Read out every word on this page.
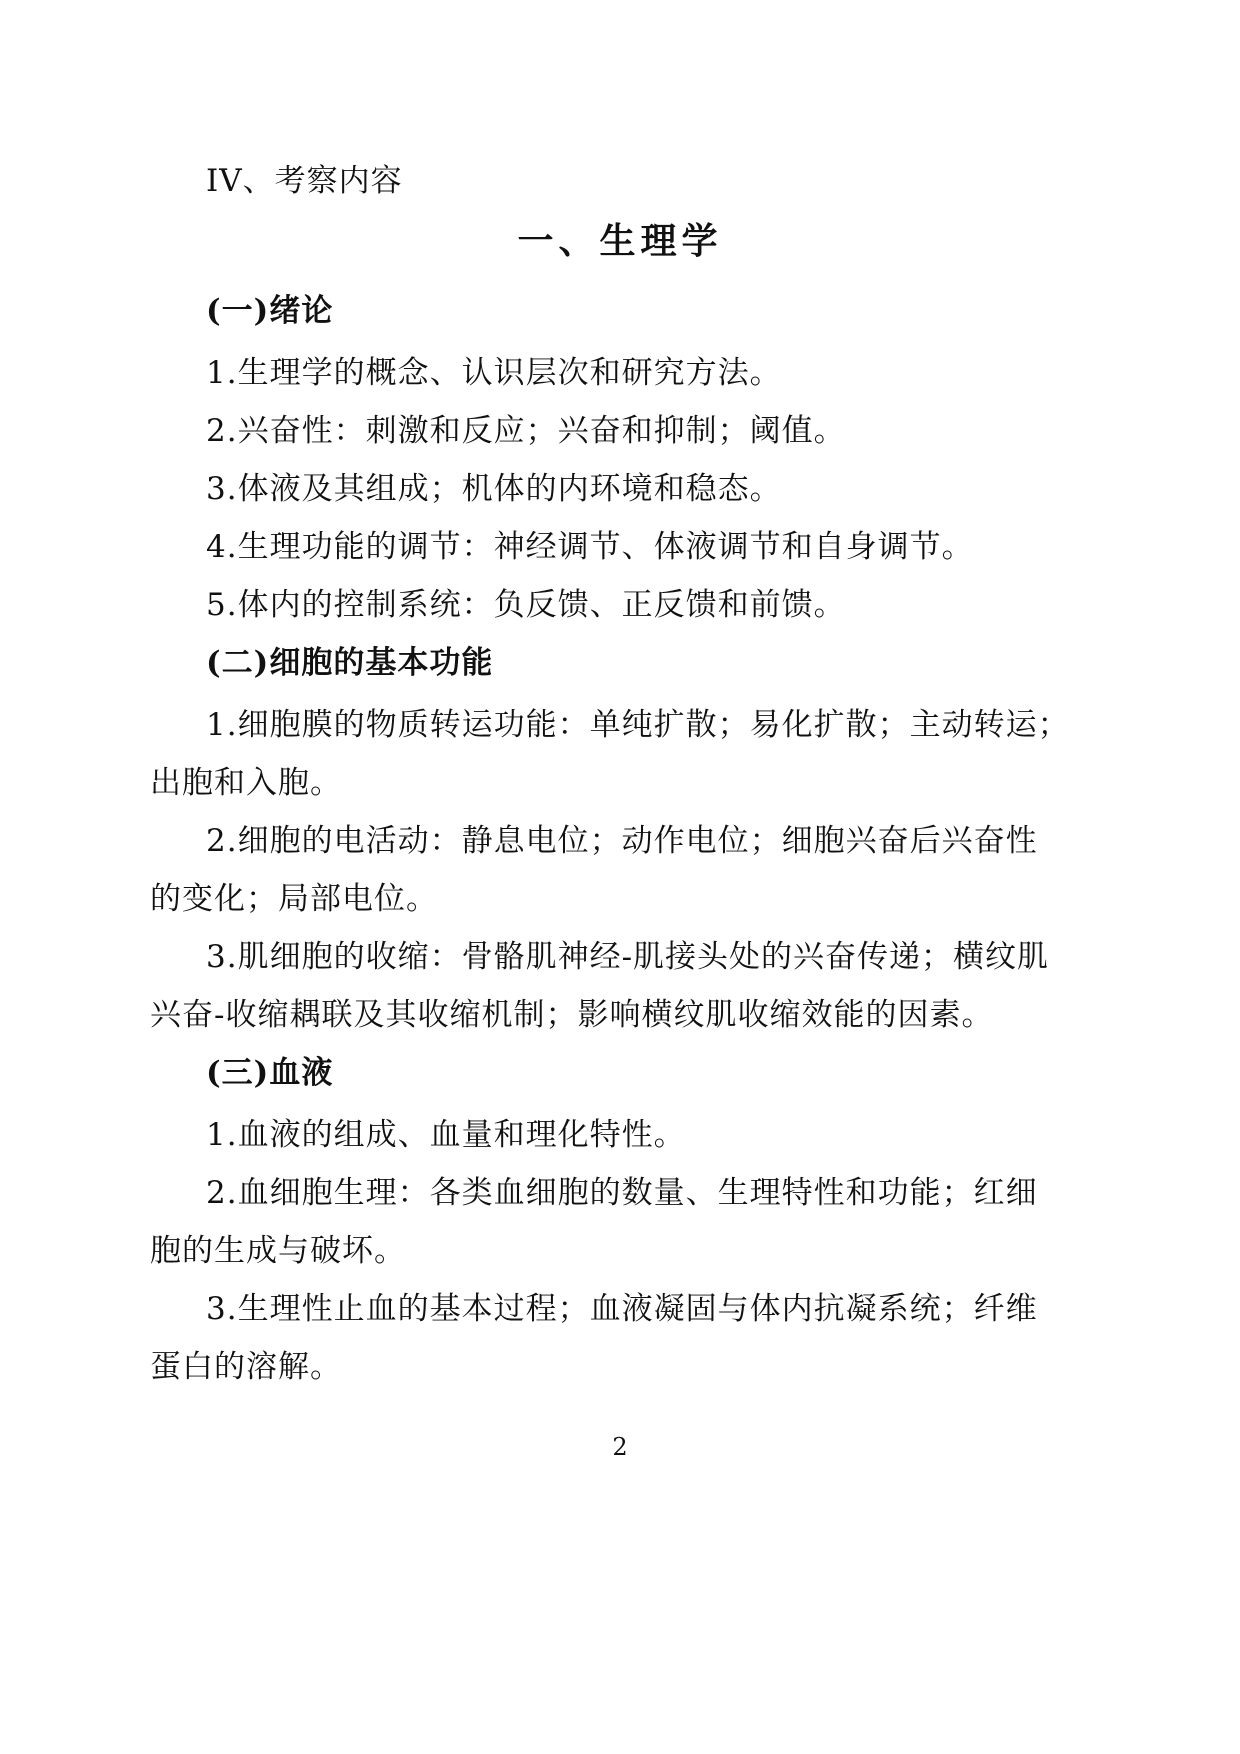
IV、考察内容
一、生理学
(一)绪论
1.生理学的概念、认识层次和研究方法。
2.兴奋性：刺激和反应；兴奋和抑制；阈值。
3.体液及其组成；机体的内环境和稳态。
4.生理功能的调节：神经调节、体液调节和自身调节。
5.体内的控制系统：负反馈、正反馈和前馈。
(二)细胞的基本功能
1.细胞膜的物质转运功能：单纯扩散；易化扩散；主动转运；
出胞和入胞。
2.细胞的电活动：静息电位；动作电位；细胞兴奋后兴奋性
的变化；局部电位。
3.肌细胞的收缩：骨骼肌神经-肌接头处的兴奋传递；横纹肌
兴奋-收缩耦联及其收缩机制；影响横纹肌收缩效能的因素。
(三)血液
1.血液的组成、血量和理化特性。
2.血细胞生理：各类血细胞的数量、生理特性和功能；红细
胞的生成与破坏。
3.生理性止血的基本过程；血液凝固与体内抗凝系统；纤维
蛋白的溶解。
2
